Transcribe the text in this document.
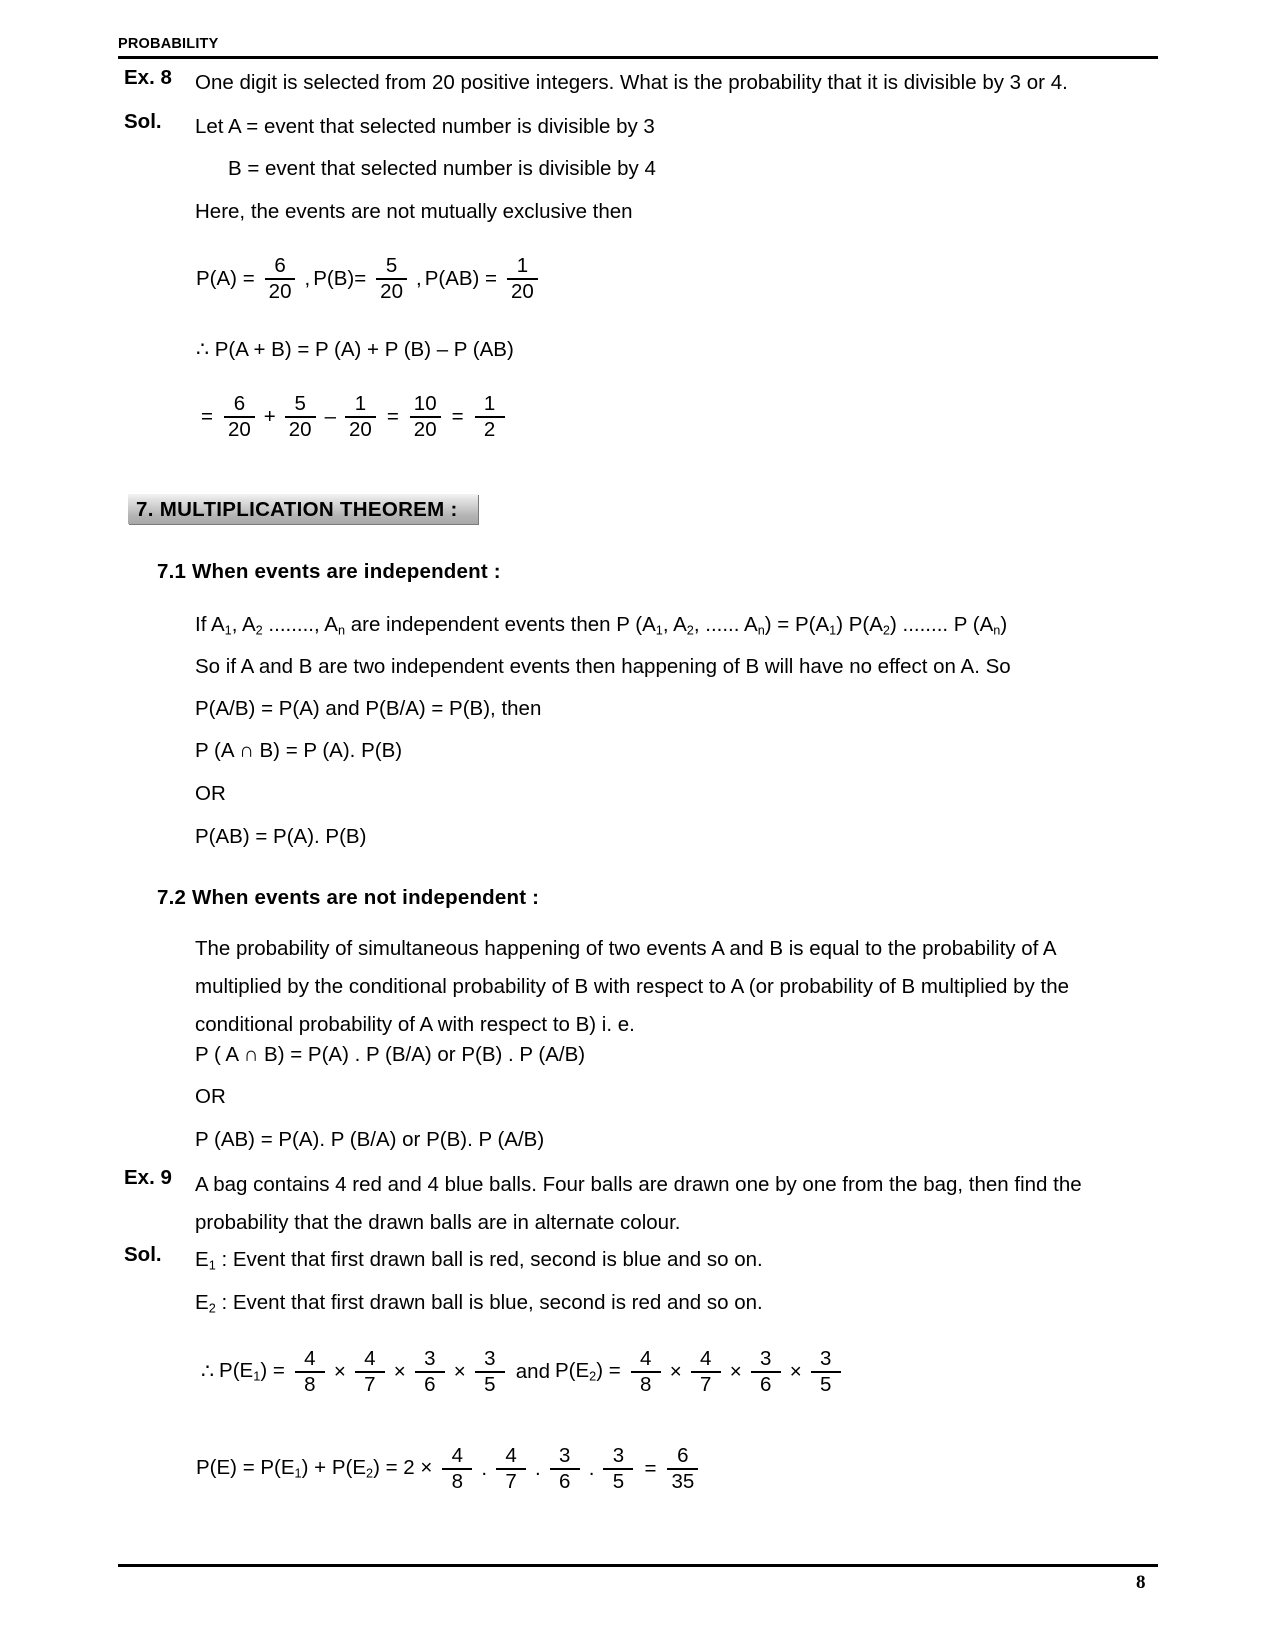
PROBABILITY
Ex. 8 One digit is selected from 20 positive integers. What is the probability that it is divisible by 3 or 4.
Sol. Let A = event that selected number is divisible by 3
B = event that selected number is divisible by 4
Here, the events are not mutually exclusive then
$P(A) = \frac{6}{20}$ , $P(B)= \frac{5}{20}$ , $P(AB) = \frac{1}{20}$
∴ P(A + B) = P (A) + P (B) – P (AB)
= $\frac{6}{20} + \frac{5}{20} - \frac{1}{20} = \frac{10}{20} = \frac{1}{2}$
7. MULTIPLICATION THEOREM :
7.1 When events are independent :
If $A_1$, $A_2$ ........, $A_n$ are independent events then P ($A_1$, $A_2$, ...... $A_n) = P(A_1)$ $P(A_2)$ ........ P $(A_n)$
So if A and B are two independent events then happening of B will have no effect on A. So
P(A/B) = P(A) and P(B/A) = P(B), then
P (A ∩ B) = P (A). P(B)
OR
P(AB) = P(A). P(B)
7.2 When events are not independent :
The probability of simultaneous happening of two events A and B is equal to the probability of A multiplied by the conditional probability of B with respect to A (or probability of B multiplied by the conditional probability of A with respect to B) i. e.
P ( A ∩ B) = P(A) . P (B/A) or P(B) . P (A/B)
OR
P (AB) = P(A). P (B/A) or P(B). P (A/B)
Ex. 9 A bag contains 4 red and 4 blue balls. Four balls are drawn one by one from the bag, then find the probability that the drawn balls are in alternate colour.
Sol. $E_1$ : Event that first drawn ball is red, second is blue and so on.
$E_2$ : Event that first drawn ball is blue, second is red and so on.
∴ $P(E_1) = \frac{4}{8} \times \frac{4}{7} \times \frac{3}{6} \times \frac{3}{5}$ and $P(E_2) = \frac{4}{8} \times \frac{4}{7} \times \frac{3}{6} \times \frac{3}{5}$
$P(E) = P(E_1) + P(E_2) = 2 \times \frac{4}{8}$ . $\frac{4}{7}$ . $\frac{3}{6}$ . $\frac{3}{5} = \frac{6}{35}$
8
